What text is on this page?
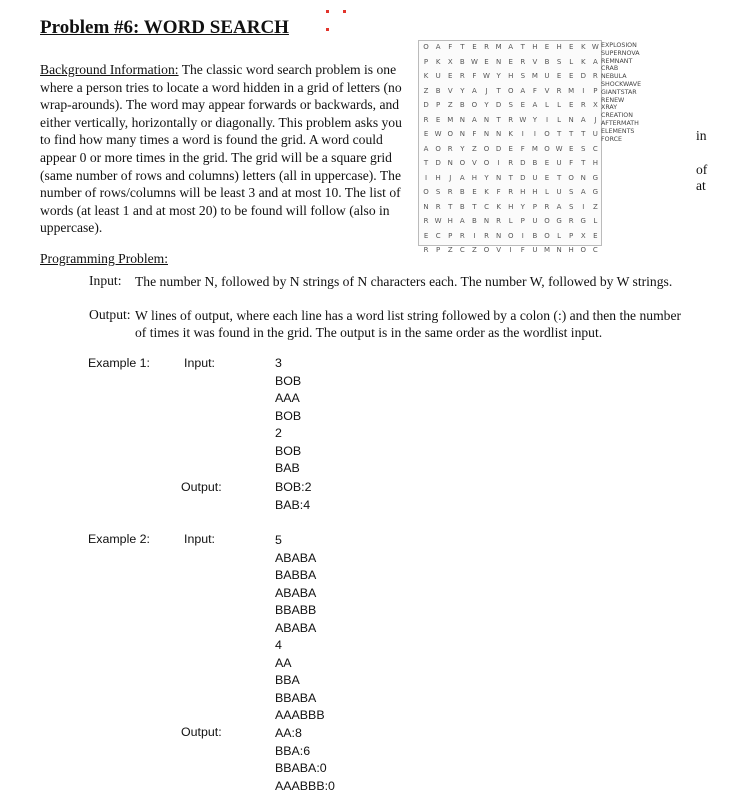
Problem #6: WORD SEARCH

Background Information: The classic word search problem is one where a person tries to locate a word hidden in a grid of letters (no wrap-arounds). The word may appear forwards or backwards, and either vertically, horizontally or diagonally. This problem asks you to find how many times a word is found the grid. A word could appear 0 or more times in the grid. The grid will be a square grid (same number of rows and columns) letters (all in uppercase). The number of rows/columns will be least 3 and at most 10. The list of words (at least 1 and at most 20) to be found will follow (also in uppercase).

O	A	F	T	E	R	M	A	T	H	E	H	E	K	W
P	K	X	B	W	E	N	E	R	V	B	S	L	K	A
K	U	E	R	F	W	Y	H	S	M	U	E	E	D	R
Z	B	V	Y	A	J	T	O	A	F	V	R	M	I	P
D	P	Z	B	O	Y	D	S	E	A	L	L	E	R	X
R	E	M	N	A	N	T	R	W	Y	I	L	N	A	J
E	W	O	N	F	N	N	K	I	I	O	T	T	T	U
A	O	R	Y	Z	O	D	E	F	M	O	W	E	S	C
T	D	N	O	V	O	I	R	D	B	E	U	F	T	H
I	H	J	A	H	Y	N	T	D	U	E	T	O	N	G
O	S	R	B	E	K	F	R	H	H	L	U	S	A	G
N	R	T	B	T	C	K	H	Y	P	R	A	S	I	Z
R	W	H	A	B	N	R	L	P	U	O	G	R	G	L
E	C	P	R	I	R	N	O	I	B	O	L	P	X	E
R	P	Z	C	Z	O	V	I	F	U	M	N	H	O	C
EXPLOSION
SUPERNOVA
REMNANT
CRAB
NEBULA
SHOCKWAVE
GIANTSTAR
RENEW
XRAY
CREATION
AFTERMATH
ELEMENTS
FORCE	in
of
at

Programming Problem:

Input: The number N, followed by N strings of N characters each. The number W, followed by W strings.
Output: W lines of output, where each line has a word list string followed by a colon (:) and then the number of times it was found in the grid. The output is in the same order as the wordlist input.
Example 1:	Input:	3
BOB
AAA
BOB
2
BOB
BAB
Output:	BOB:2
BAB:4
Example 2:	Input:	5
ABABA
BABBA
ABABA
BBABB
ABABA
4
AA
BBA
BBABA
AAABBB
Output:	AA:8
BBA:6
BBABA:0
AAABBB:0
